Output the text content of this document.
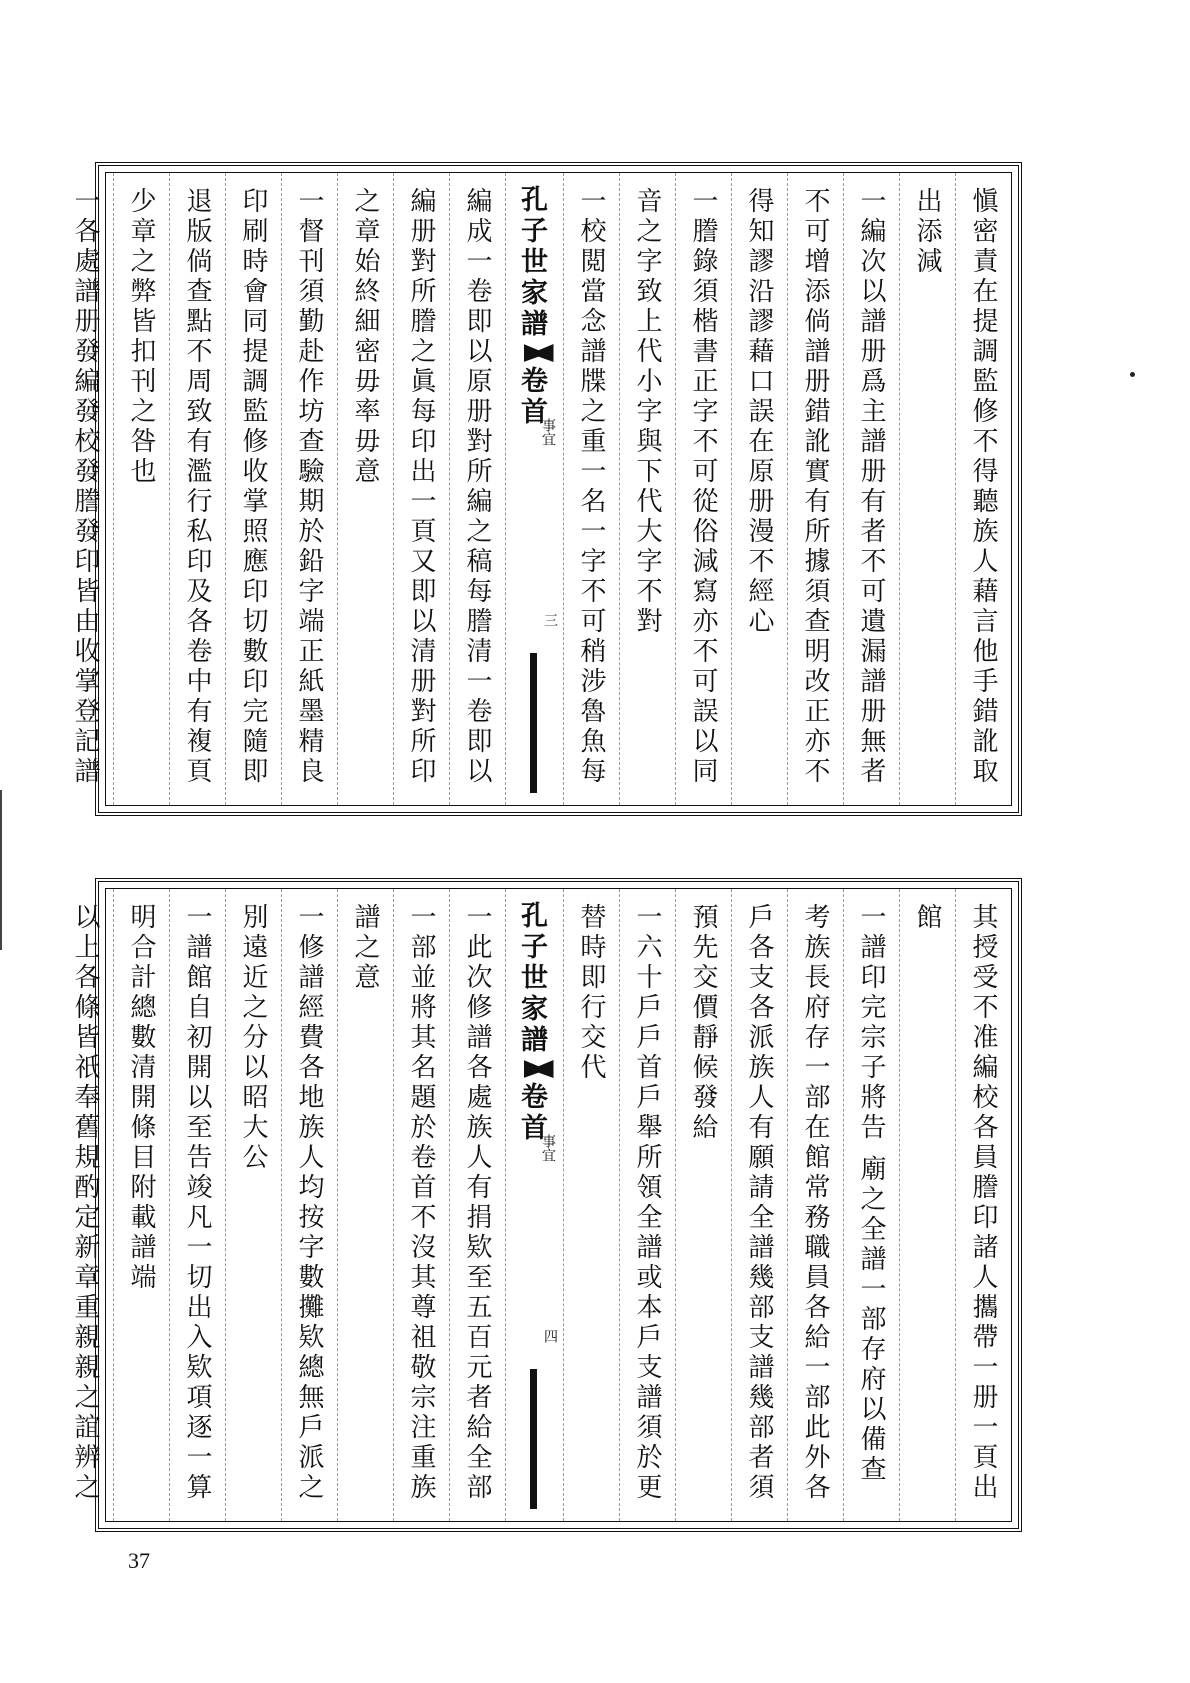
愼密責在提調監修不得聽族人藉言他手錯訛取
出添減
一編次以譜册爲主譜册有者不可遺漏譜册無者
不可增添倘譜册錯訛實有所據須查明改正亦不
得知謬沿謬藉口誤在原册漫不經心
一謄錄須楷書正字不可從俗減寫亦不可誤以同
音之字致上代小字與下代大字不對
一校閲當念譜牒之重一名一字不可稍涉魯魚每
孔子世家譜卷首
事宜
三
編成一卷即以原册對所編之稿每謄清一卷即以
編册對所謄之眞每印出一頁又即以清册對所印
之章始終細密毋率毋意
一督刊須勤赴作坊查驗期於鉛字端正紙墨精良
印刷時會同提調監修收掌照應印切數印完隨即
退版倘查點不周致有濫行私印及各卷中有複頁
少章之弊皆扣刊之咎也
一各處譜册發編發校發謄發印皆由收掌登記譜
其授受不准編校各員謄印諸人攜帶一册一頁出
館
一譜印完宗子將告 廟之全譜一部存府以備查
考族長府存一部在館常務職員各給一部此外各
戶各支各派族人有願請全譜幾部支譜幾部者須
預先交價靜候發給
一六十戶戶首戶舉所領全譜或本戶支譜須於更
替時即行交代
孔子世家譜卷首
事宜
四
一此次修譜各處族人有捐欵至五百元者給全部
一部並將其名題於卷首不沒其尊祖敬宗注重族
譜之意
一修譜經費各地族人均按字數攤欵總無戶派之
別遠近之分以昭大公
一譜館自初開以至告竣凡一切出入欵項逐一算
明合計總數清開條目附載譜端
以上各條皆祇奉舊規酌定新章重親親之誼辨之
37
